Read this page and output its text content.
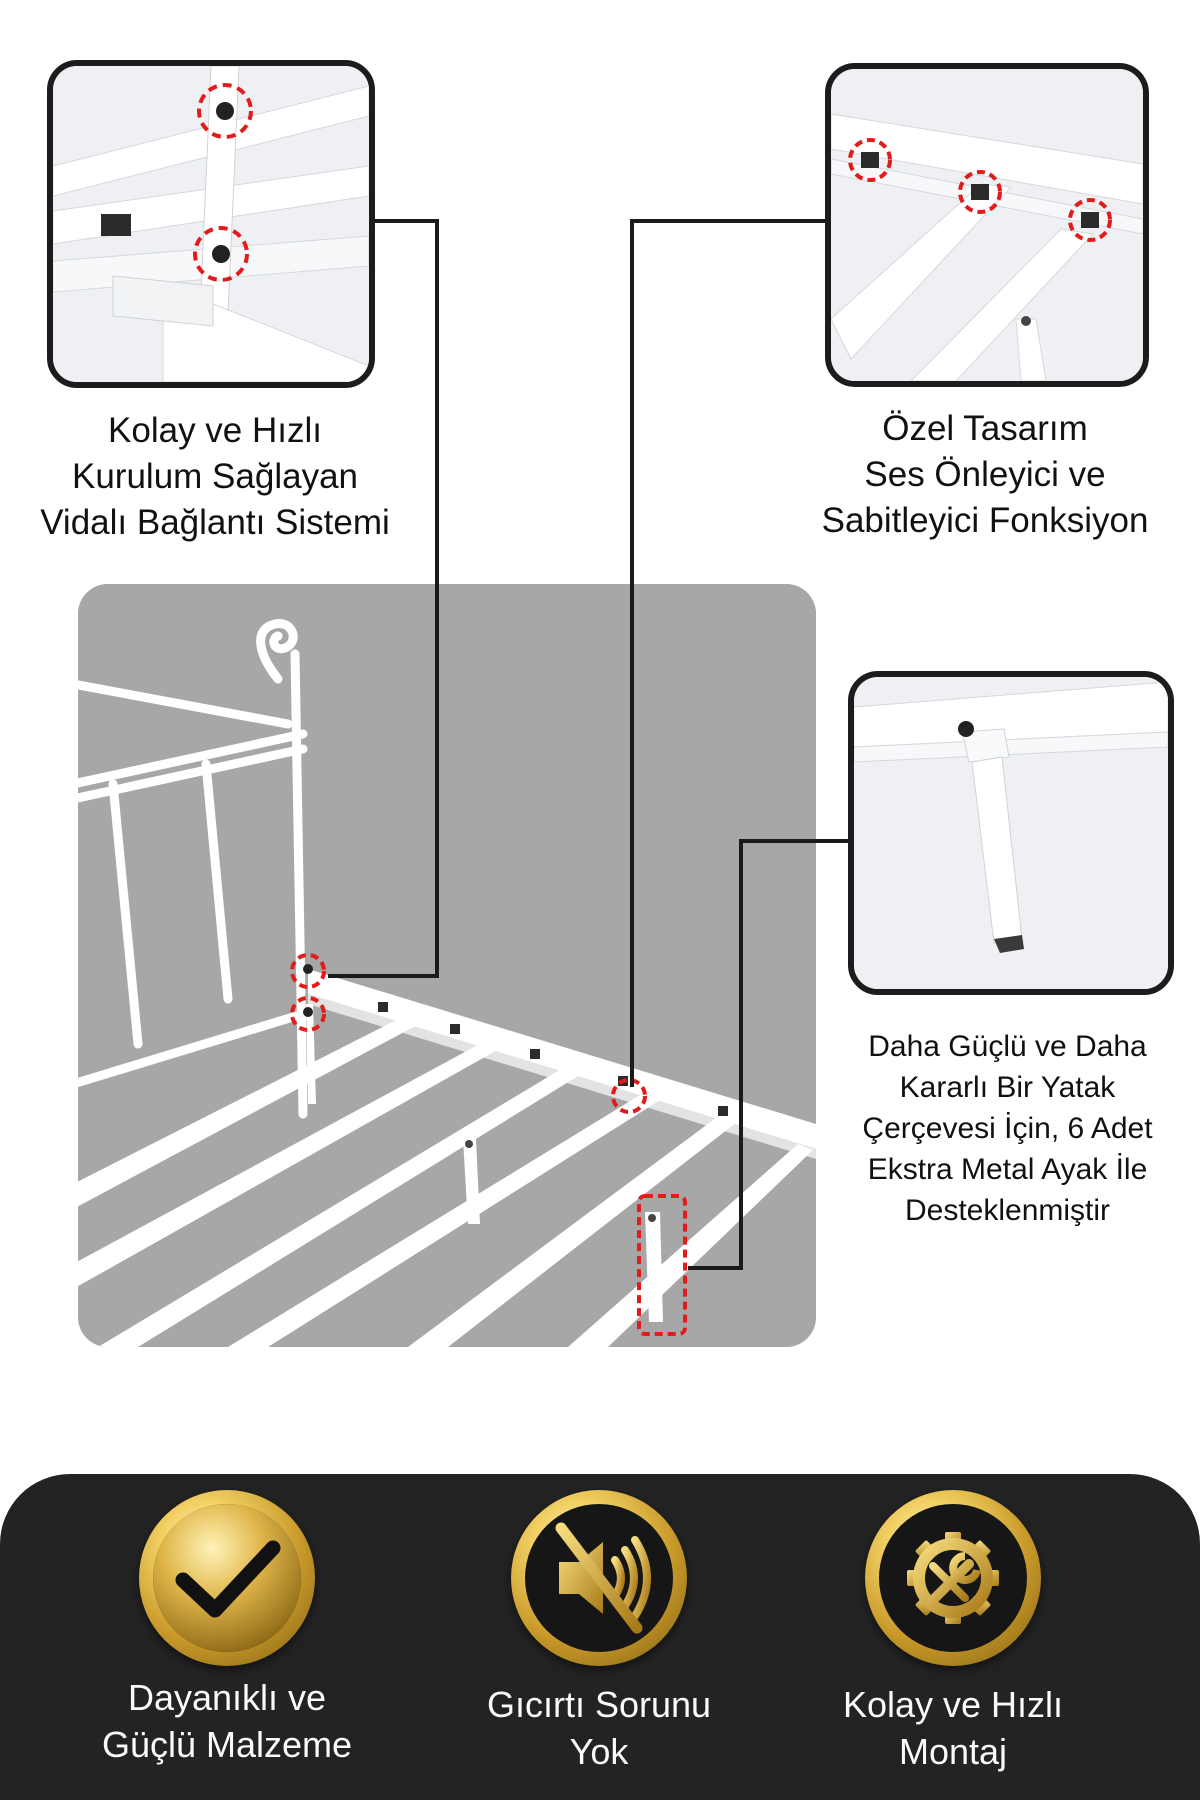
Kolay ve Hızlı
Kurulum Sağlayan
Vidalı Bağlantı Sistemi
Özel Tasarım
Ses Önleyici ve
Sabitleyici Fonksiyon
Daha Güçlü ve Daha
Kararlı Bir Yatak
Çerçevesi İçin, 6 Adet
Ekstra Metal Ayak İle
Desteklenmiştir
Dayanıklı ve
Güçlü Malzeme
Gıcırtı Sorunu
Yok
Kolay ve Hızlı
Montaj
